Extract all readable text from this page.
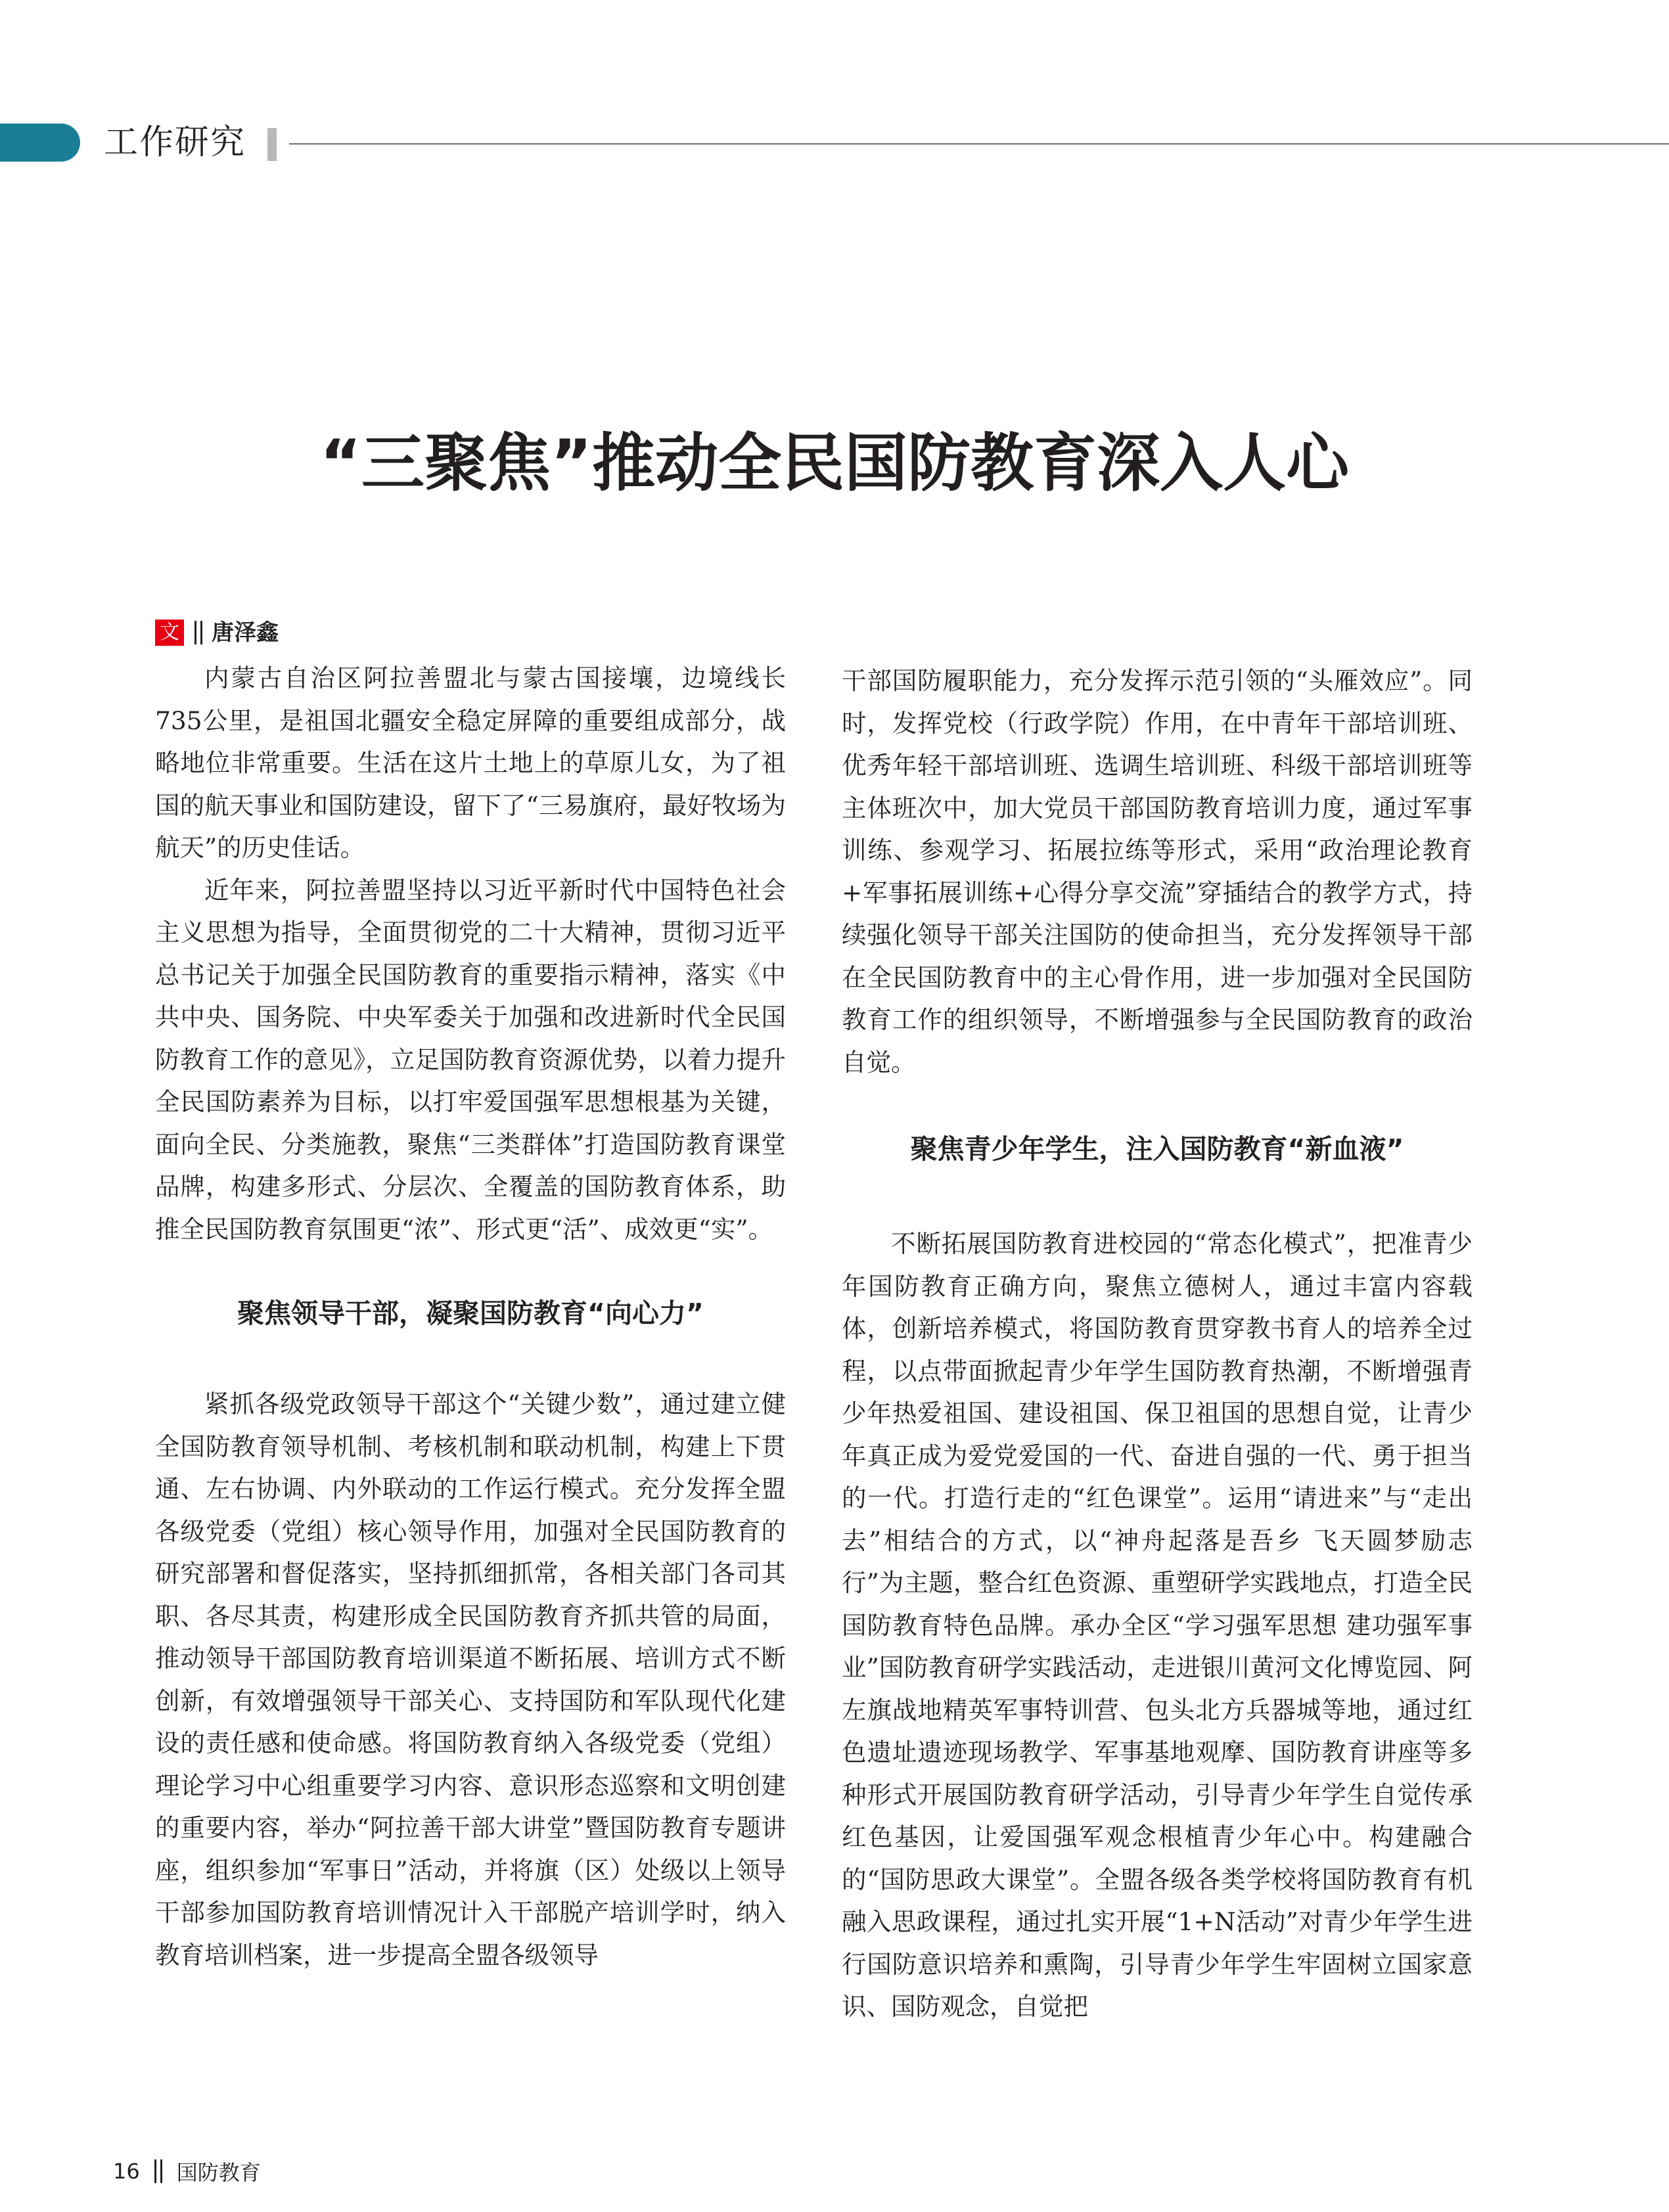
工作研究
“三聚焦”推动全民国防教育深入人心
文 唐泽鑫

内蒙古自治区阿拉善盟北与蒙古国接壤，边境线长735公里，是祖国北疆安全稳定屏障的重要组成部分，战略地位非常重要。生活在这片土地上的草原儿女，为了祖国的航天事业和国防建设，留下了“三易旗府，最好牧场为航天”的历史佳话。

近年来，阿拉善盟坚持以习近平新时代中国特色社会主义思想为指导，全面贯彻党的二十大精神，贯彻习近平总书记关于加强全民国防教育的重要指示精神，落实《中共中央、国务院、中央军委关于加强和改进新时代全民国防教育工作的意见》，立足国防教育资源优势，以着力提升全民国防素养为目标，以打牢爱国强军思想根基为关键，面向全民、分类施教，聚焦“三类群体”打造国防教育课堂品牌，构建多形式、分层次、全覆盖的国防教育体系，助推全民国防教育氛围更“浓”、形式更“活”、成效更“实”。

聚焦领导干部，凝聚国防教育“向心力”

紧抓各级党政领导干部这个“关键少数”，通过建立健全国防教育领导机制、考核机制和联动机制，构建上下贯通、左右协调、内外联动的工作运行模式。充分发挥全盟各级党委（党组）核心领导作用，加强对全民国防教育的研究部署和督促落实，坚持抓细抓常，各相关部门各司其职、各尽其责，构建形成全民国防教育齐抓共管的局面，推动领导干部国防教育培训渠道不断拓展、培训方式不断创新，有效增强领导干部关心、支持国防和军队现代化建设的责任感和使命感。将国防教育纳入各级党委（党组）理论学习中心组重要学习内容、意识形态巡察和文明创建的重要内容，举办“阿拉善干部大讲堂”暨国防教育专题讲座，组织参加“军事日”活动，并将旗（区）处级以上领导干部参加国防教育培训情况计入干部脱产培训学时，纳入教育培训档案，进一步提高全盟各级领导

干部国防履职能力，充分发挥示范引领的“头雁效应”。同时，发挥党校（行政学院）作用，在中青年干部培训班、优秀年轻干部培训班、选调生培训班、科级干部培训班等主体班次中，加大党员干部国防教育培训力度，通过军事训练、参观学习、拓展拉练等形式，采用“政治理论教育+军事拓展训练+心得分享交流”穿插结合的教学方式，持续强化领导干部关注国防的使命担当，充分发挥领导干部在全民国防教育中的主心骨作用，进一步加强对全民国防教育工作的组织领导，不断增强参与全民国防教育的政治自觉。

聚焦青少年学生，注入国防教育“新血液”

不断拓展国防教育进校园的“常态化模式”，把准青少年国防教育正确方向，聚焦立德树人，通过丰富内容载体，创新培养模式，将国防教育贯穿教书育人的培养全过程，以点带面掀起青少年学生国防教育热潮，不断增强青少年热爱祖国、建设祖国、保卫祖国的思想自觉，让青少年真正成为爱党爱国的一代、奋进自强的一代、勇于担当的一代。打造行走的“红色课堂”。运用“请进来”与“走出去”相结合的方式，以“神舟起落是吾乡 飞天圆梦励志行”为主题，整合红色资源、重塑研学实践地点，打造全民国防教育特色品牌。承办全区“学习强军思想 建功强军事业”国防教育研学实践活动，走进银川黄河文化博览园、阿左旗战地精英军事特训营、包头北方兵器城等地，通过红色遗址遗迹现场教学、军事基地观摩、国防教育讲座等多种形式开展国防教育研学活动，引导青少年学生自觉传承红色基因，让爱国强军观念根植青少年心中。构建融合的“国防思政大课堂”。全盟各级各类学校将国防教育有机融入思政课程，通过扎实开展“1+N活动”对青少年学生进行国防意识培养和熏陶，引导青少年学生牢固树立国家意识、国防观念，自觉把

16 国防教育
